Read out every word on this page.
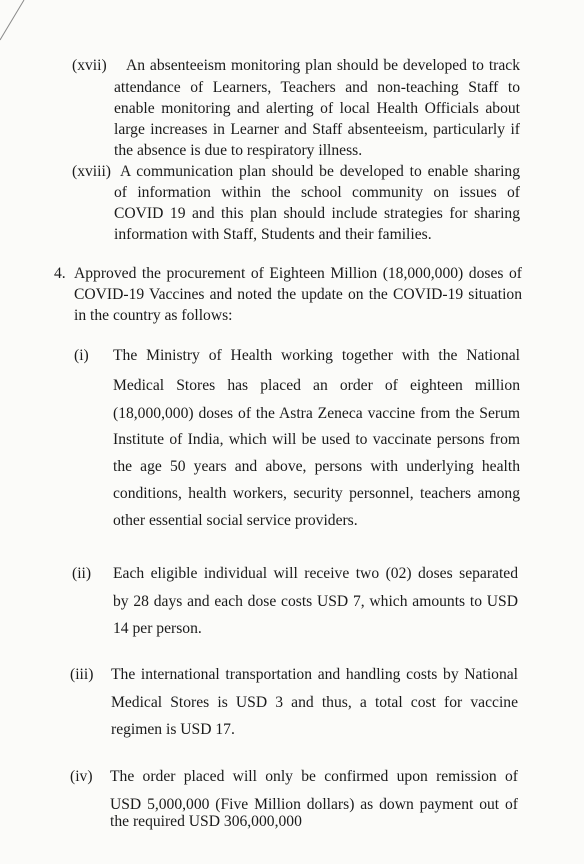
(xvii) An absenteeism monitoring plan should be developed to track
attendance of Learners, Teachers and non-teaching Staff to
enable monitoring and alerting of local Health Officials about
large increases in Learner and Staff absenteeism, particularly if
the absence is due to respiratory illness.
(xviii) A communication plan should be developed to enable sharing
of information within the school community on issues of
COVID 19 and this plan should include strategies for sharing
information with Staff, Students and their families.
4. Approved the procurement of Eighteen Million (18,000,000) doses of
COVID-19 Vaccines and noted the update on the COVID-19 situation
in the country as follows:
(i) The Ministry of Health working together with the National
Medical Stores has placed an order of eighteen million
(18,000,000) doses of the Astra Zeneca vaccine from the Serum
Institute of India, which will be used to vaccinate persons from
the age 50 years and above, persons with underlying health
conditions, health workers, security personnel, teachers among
other essential social service providers.
(ii) Each eligible individual will receive two (02) doses separated
by 28 days and each dose costs USD 7, which amounts to USD
14 per person.
(iii) The international transportation and handling costs by National
Medical Stores is USD 3 and thus, a total cost for vaccine
regimen is USD 17.
(iv) The order placed will only be confirmed upon remission of
USD 5,000,000 (Five Million dollars) as down payment out of
the required USD 306,000,000
